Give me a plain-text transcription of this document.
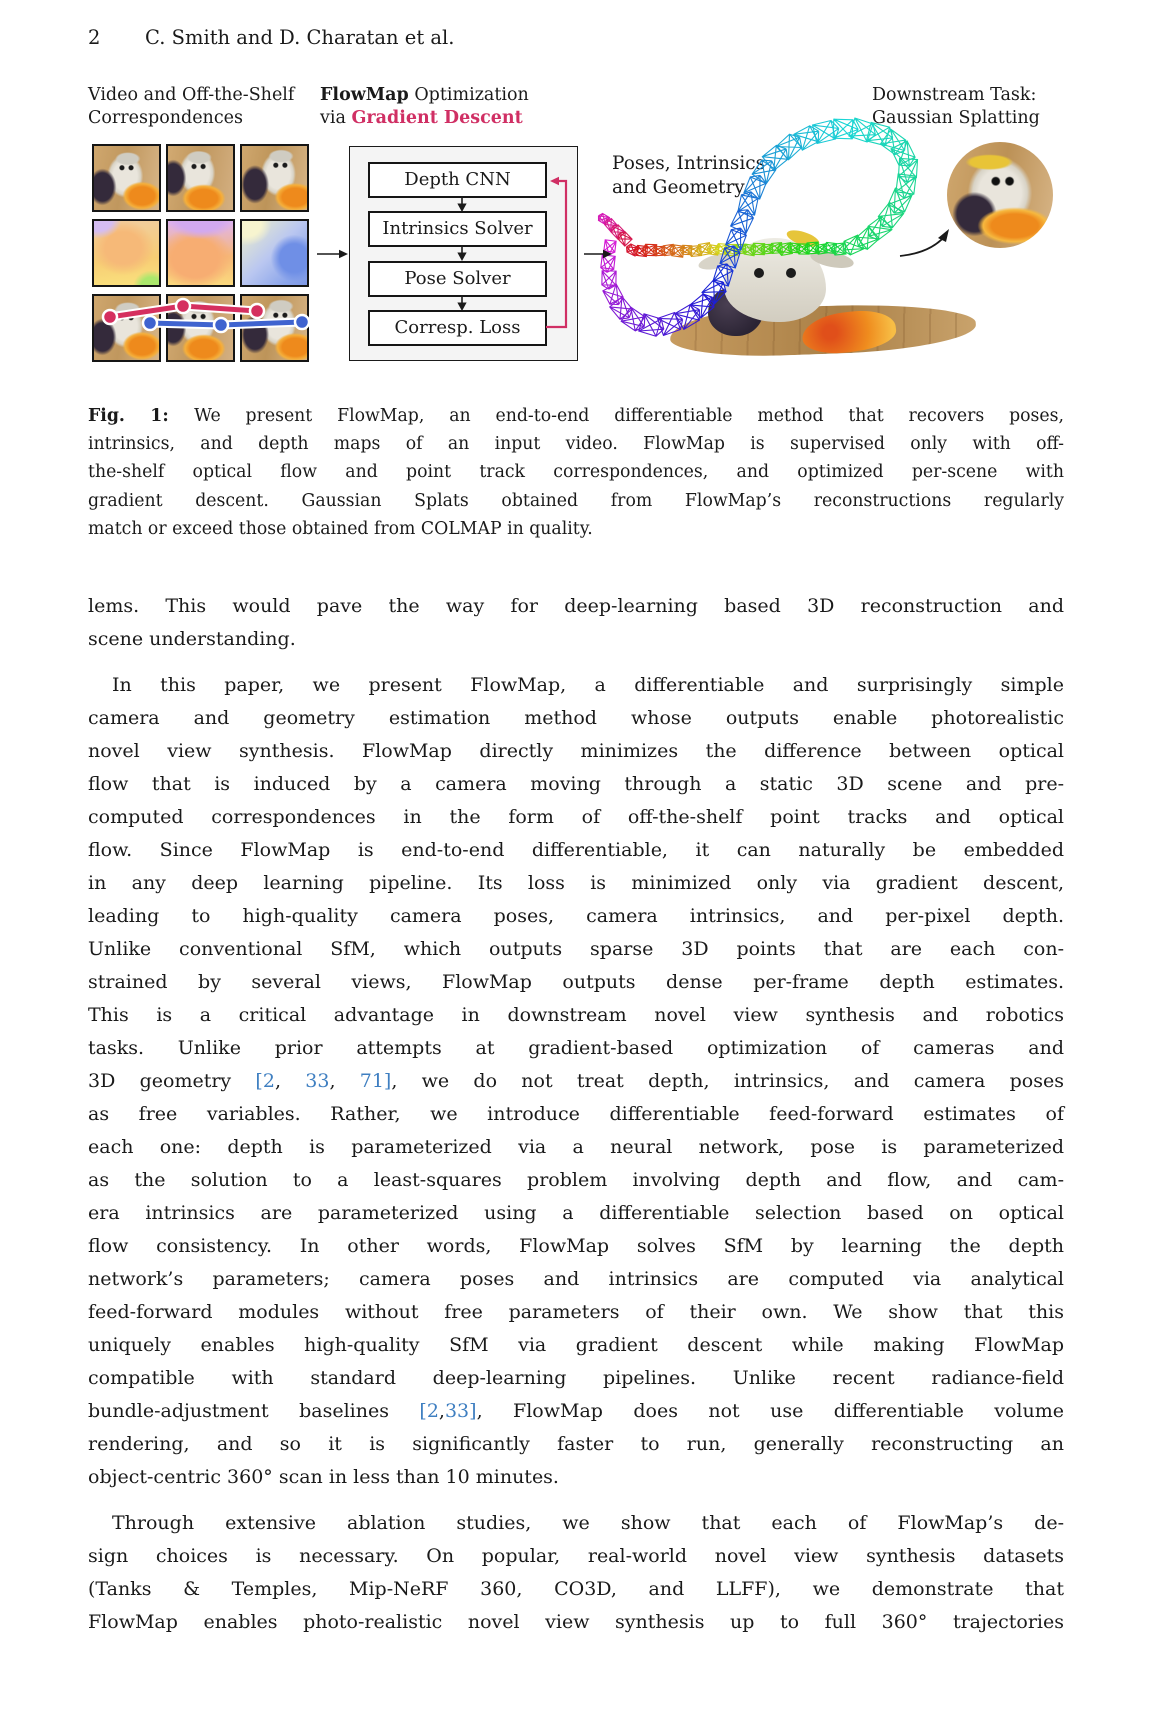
2 C. Smith and D. Charatan et al.
Video and Off-the-Shelf
Correspondences
FlowMap Optimization
via Gradient Descent
Downstream Task:
Gaussian Splatting
Poses, Intrinsics
and Geometry
Depth CNN
Intrinsics Solver
Pose Solver
Corresp. Loss
Fig. 1: We present FlowMap, an end-to-end differentiable method that recovers poses,
intrinsics, and depth maps of an input video. FlowMap is supervised only with off-
the-shelf optical flow and point track correspondences, and optimized per-scene with
gradient descent. Gaussian Splats obtained from FlowMap’s reconstructions regularly
match or exceed those obtained from COLMAP in quality.
lems. This would pave the way for deep-learning based 3D reconstruction and
scene understanding.
In this paper, we present FlowMap, a differentiable and surprisingly simple
camera and geometry estimation method whose outputs enable photorealistic
novel view synthesis. FlowMap directly minimizes the difference between optical
flow that is induced by a camera moving through a static 3D scene and pre-
computed correspondences in the form of off-the-shelf point tracks and optical
flow. Since FlowMap is end-to-end differentiable, it can naturally be embedded
in any deep learning pipeline. Its loss is minimized only via gradient descent,
leading to high-quality camera poses, camera intrinsics, and per-pixel depth.
Unlike conventional SfM, which outputs sparse 3D points that are each con-
strained by several views, FlowMap outputs dense per-frame depth estimates.
This is a critical advantage in downstream novel view synthesis and robotics
tasks. Unlike prior attempts at gradient-based optimization of cameras and
3D geometry [2, 33, 71], we do not treat depth, intrinsics, and camera poses
as free variables. Rather, we introduce differentiable feed-forward estimates of
each one: depth is parameterized via a neural network, pose is parameterized
as the solution to a least-squares problem involving depth and flow, and cam-
era intrinsics are parameterized using a differentiable selection based on optical
flow consistency. In other words, FlowMap solves SfM by learning the depth
network’s parameters; camera poses and intrinsics are computed via analytical
feed-forward modules without free parameters of their own. We show that this
uniquely enables high-quality SfM via gradient descent while making FlowMap
compatible with standard deep-learning pipelines. Unlike recent radiance-field
bundle-adjustment baselines [2,33], FlowMap does not use differentiable volume
rendering, and so it is significantly faster to run, generally reconstructing an
object-centric 360° scan in less than 10 minutes.
Through extensive ablation studies, we show that each of FlowMap’s de-
sign choices is necessary. On popular, real-world novel view synthesis datasets
(Tanks & Temples, Mip-NeRF 360, CO3D, and LLFF), we demonstrate that
FlowMap enables photo-realistic novel view synthesis up to full 360° trajectories
